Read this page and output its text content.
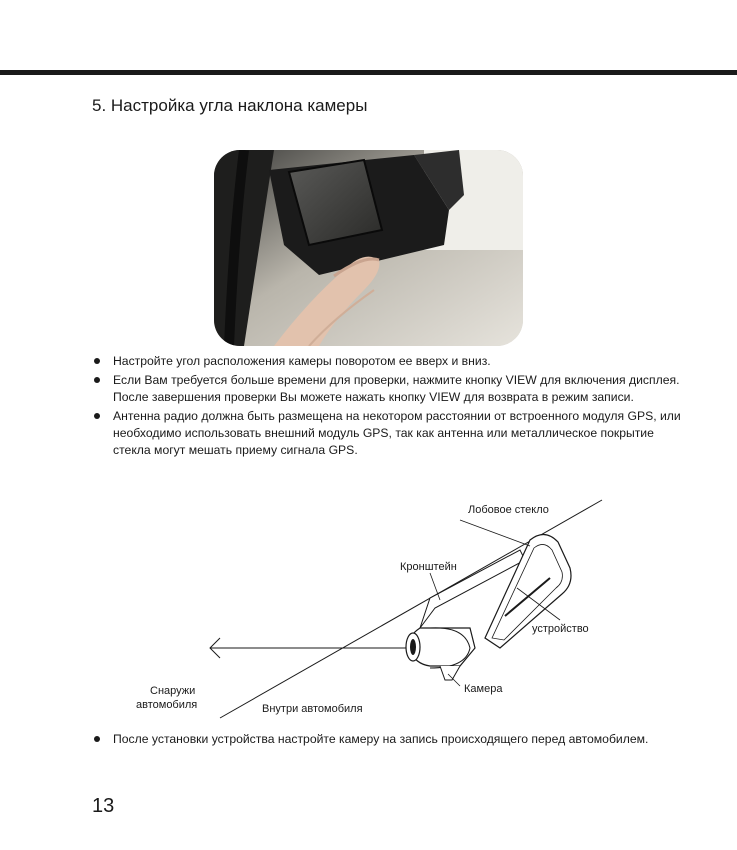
5. Настройка угла наклона камеры
Настройте угол расположения камеры поворотом ее вверх и вниз.
Если Вам требуется больше времени для проверки, нажмите кнопку VIEW для включения дисплея. После завершения проверки Вы можете нажать кнопку VIEW для возврата в режим записи.
Антенна радио должна быть размещена на некотором расстоянии от встроенного модуля GPS, или необходимо использовать внешний модуль GPS, так как антенна или металлическое покрытие стекла могут мешать приему сигнала GPS.
Лобовое стекло
Кронштейн
устройство
Камера
Снаружи
автомобиля	Внутри автомобиля
После установки устройства настройте камеру на запись происходящего перед автомобилем.
13
